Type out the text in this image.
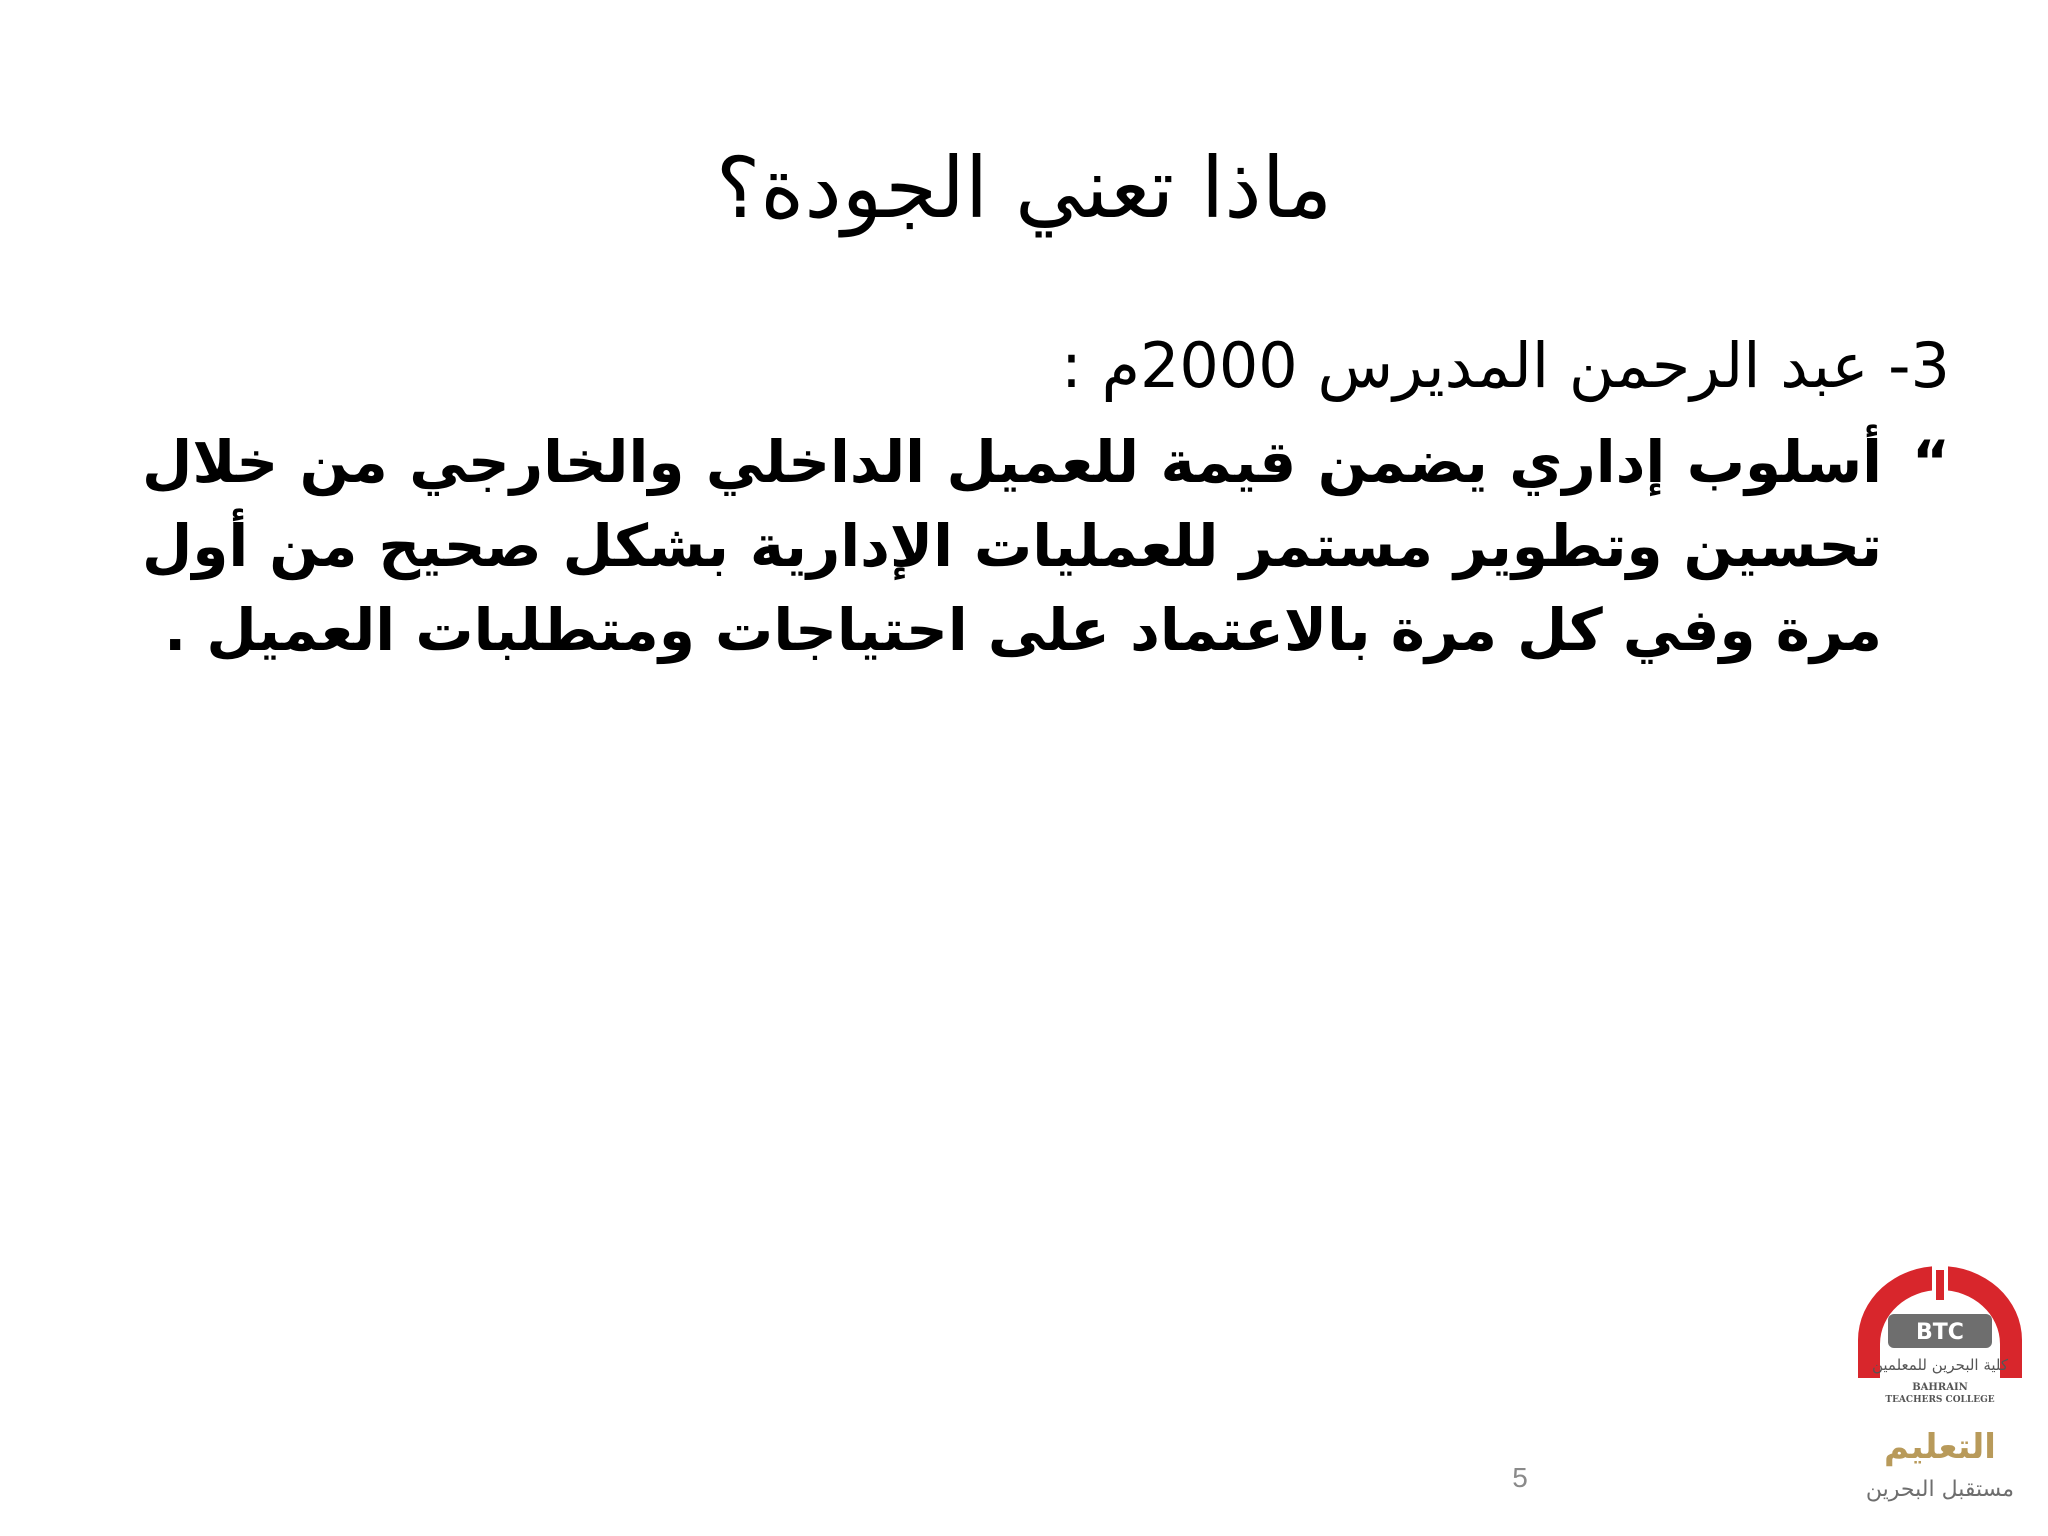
ماذا تعني الجودة؟

3- عبد الرحمن المديرس 2000م :

“

أسلوب إداري يضمن قيمة للعميل الداخلي والخارجي من خلال تحسين وتطوير مستمر للعمليات الإدارية بشكل صحيح من أول مرة وفي كل مرة بالاعتماد على احتياجات ومتطلبات العميل .

5
BTC
كلية البحرين للمعلمين
BAHRAIN
TEACHERS COLLEGE
التعليم
مستقبل البحرين
